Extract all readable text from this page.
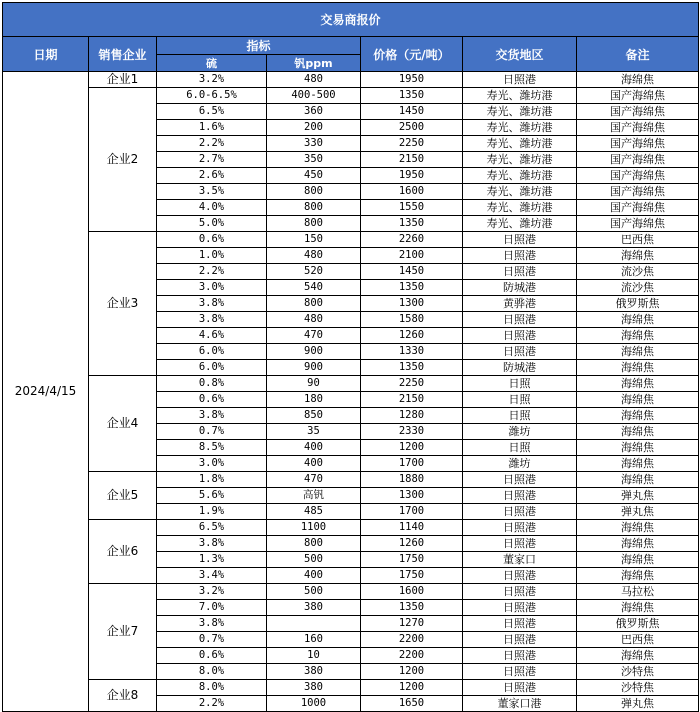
交易商报价						
日期	销售企业	指标		价格（元/吨）	交货地区	备注
		硫	钒ppm			
2024/4/15	企业1	3.2%	480	1950	日照港	海绵焦
	企业2	6.0-6.5%	400-500	1350	寿光、潍坊港	国产海绵焦
		6.5%	360	1450	寿光、潍坊港	国产海绵焦
		1.6%	200	2500	寿光、潍坊港	国产海绵焦
		2.2%	330	2250	寿光、潍坊港	国产海绵焦
		2.7%	350	2150	寿光、潍坊港	国产海绵焦
		2.6%	450	1950	寿光、潍坊港	国产海绵焦
		3.5%	800	1600	寿光、潍坊港	国产海绵焦
		4.0%	800	1550	寿光、潍坊港	国产海绵焦
		5.0%	800	1350	寿光、潍坊港	国产海绵焦
	企业3	0.6%	150	2260	日照港	巴西焦
		1.0%	480	2100	日照港	海绵焦
		2.2%	520	1450	日照港	流沙焦
		3.0%	540	1350	防城港	流沙焦
		3.8%	800	1300	黄骅港	俄罗斯焦
		3.8%	480	1580	日照港	海绵焦
		4.6%	470	1260	日照港	海绵焦
		6.0%	900	1330	日照港	海绵焦
		6.0%	900	1350	防城港	海绵焦
	企业4	0.8%	90	2250	日照	海绵焦
		0.6%	180	2150	日照	海绵焦
		3.8%	850	1280	日照	海绵焦
		0.7%	35	2330	潍坊	海绵焦
		8.5%	400	1200	日照	海绵焦
		3.0%	400	1700	潍坊	海绵焦
	企业5	1.8%	470	1880	日照港	海绵焦
		5.6%	高钒	1300	日照港	弹丸焦
		1.9%	485	1700	日照港	弹丸焦
	企业6	6.5%	1100	1140	日照港	海绵焦
		3.8%	800	1260	日照港	海绵焦
		1.3%	500	1750	董家口	海绵焦
		3.4%	400	1750	日照港	海绵焦
	企业7	3.2%	500	1600	日照港	马拉松
		7.0%	380	1350	日照港	海绵焦
		3.8%		1270	日照港	俄罗斯焦
		0.7%	160	2200	日照港	巴西焦
		0.6%	10	2200	日照港	海绵焦
		8.0%	380	1200	日照港	沙特焦
	企业8	8.0%	380	1200	日照港	沙特焦
		2.2%	1000	1650	董家口港	弹丸焦
